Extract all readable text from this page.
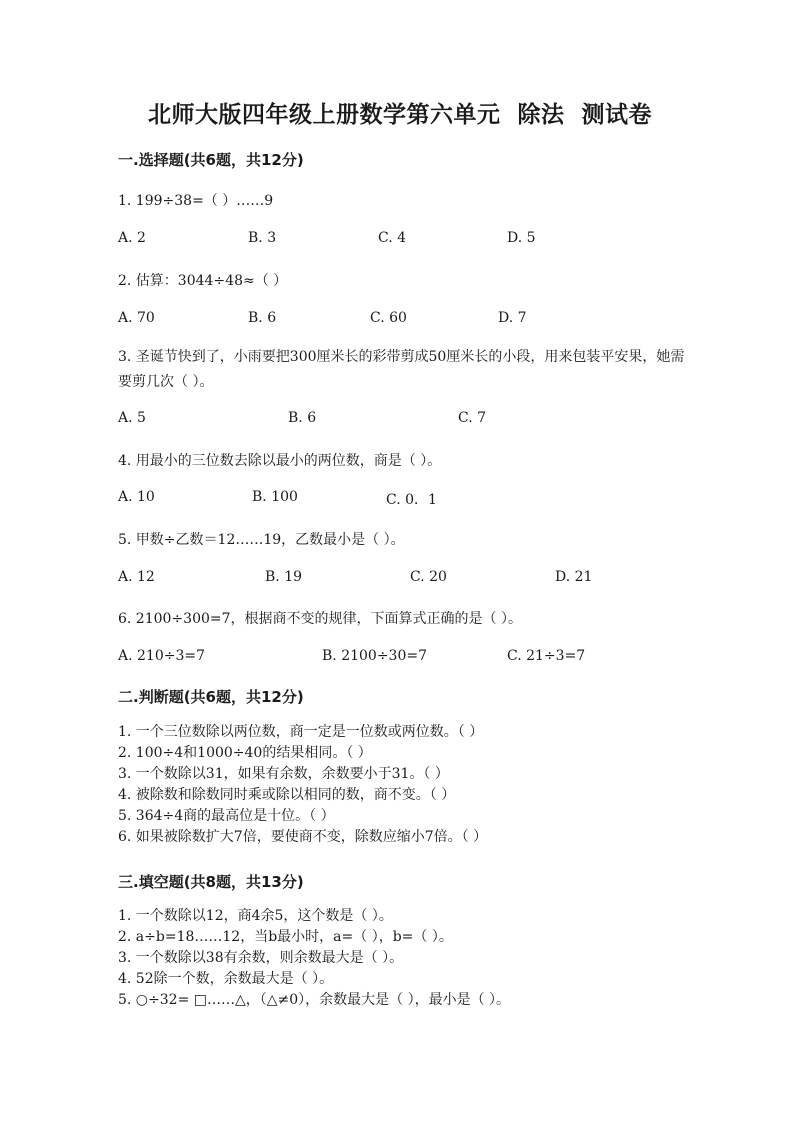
北师大版四年级上册数学第六单元  除法  测试卷
一.选择题(共6题，共12分)
1. 199÷38=（ ）……9
A. 2	B. 3	C. 4	D. 5
2. 估算：3044÷48≈（ ）
A. 70	B. 6	C. 60	D. 7
3. 圣诞节快到了，小雨要把300厘米长的彩带剪成50厘米长的小段，用来包装平安果，她需要剪几次（ ）。
A. 5	B. 6	C. 7
4. 用最小的三位数去除以最小的两位数，商是（ ）。
A. 10	B. 100	C. 0．1
5. 甲数÷乙数＝12……19，乙数最小是（ ）。
A. 12	B. 19	C. 20	D. 21
6. 2100÷300=7，根据商不变的规律，下面算式正确的是（ ）。
A. 210÷3=7	B. 2100÷30=7	C. 21÷3=7
二.判断题(共6题，共12分)
1. 一个三位数除以两位数，商一定是一位数或两位数。（ ）
2. 100÷4和1000÷40的结果相同。（ ）
3. 一个数除以31，如果有余数，余数要小于31。（ ）
4. 被除数和除数同时乘或除以相同的数，商不变。（ ）
5. 364÷4商的最高位是十位。（ ）
6. 如果被除数扩大7倍，要使商不变，除数应缩小7倍。（ ）
三.填空题(共8题，共13分)
1. 一个数除以12，商4余5，这个数是（ ）。
2. a÷b=18……12，当b最小时，a=（ ），b=（ ）。
3. 一个数除以38有余数，则余数最大是（ ）。
4. 52除一个数，余数最大是（ ）。
5. ○÷32= □……△，（△≠0），余数最大是（ ），最小是（ ）。
